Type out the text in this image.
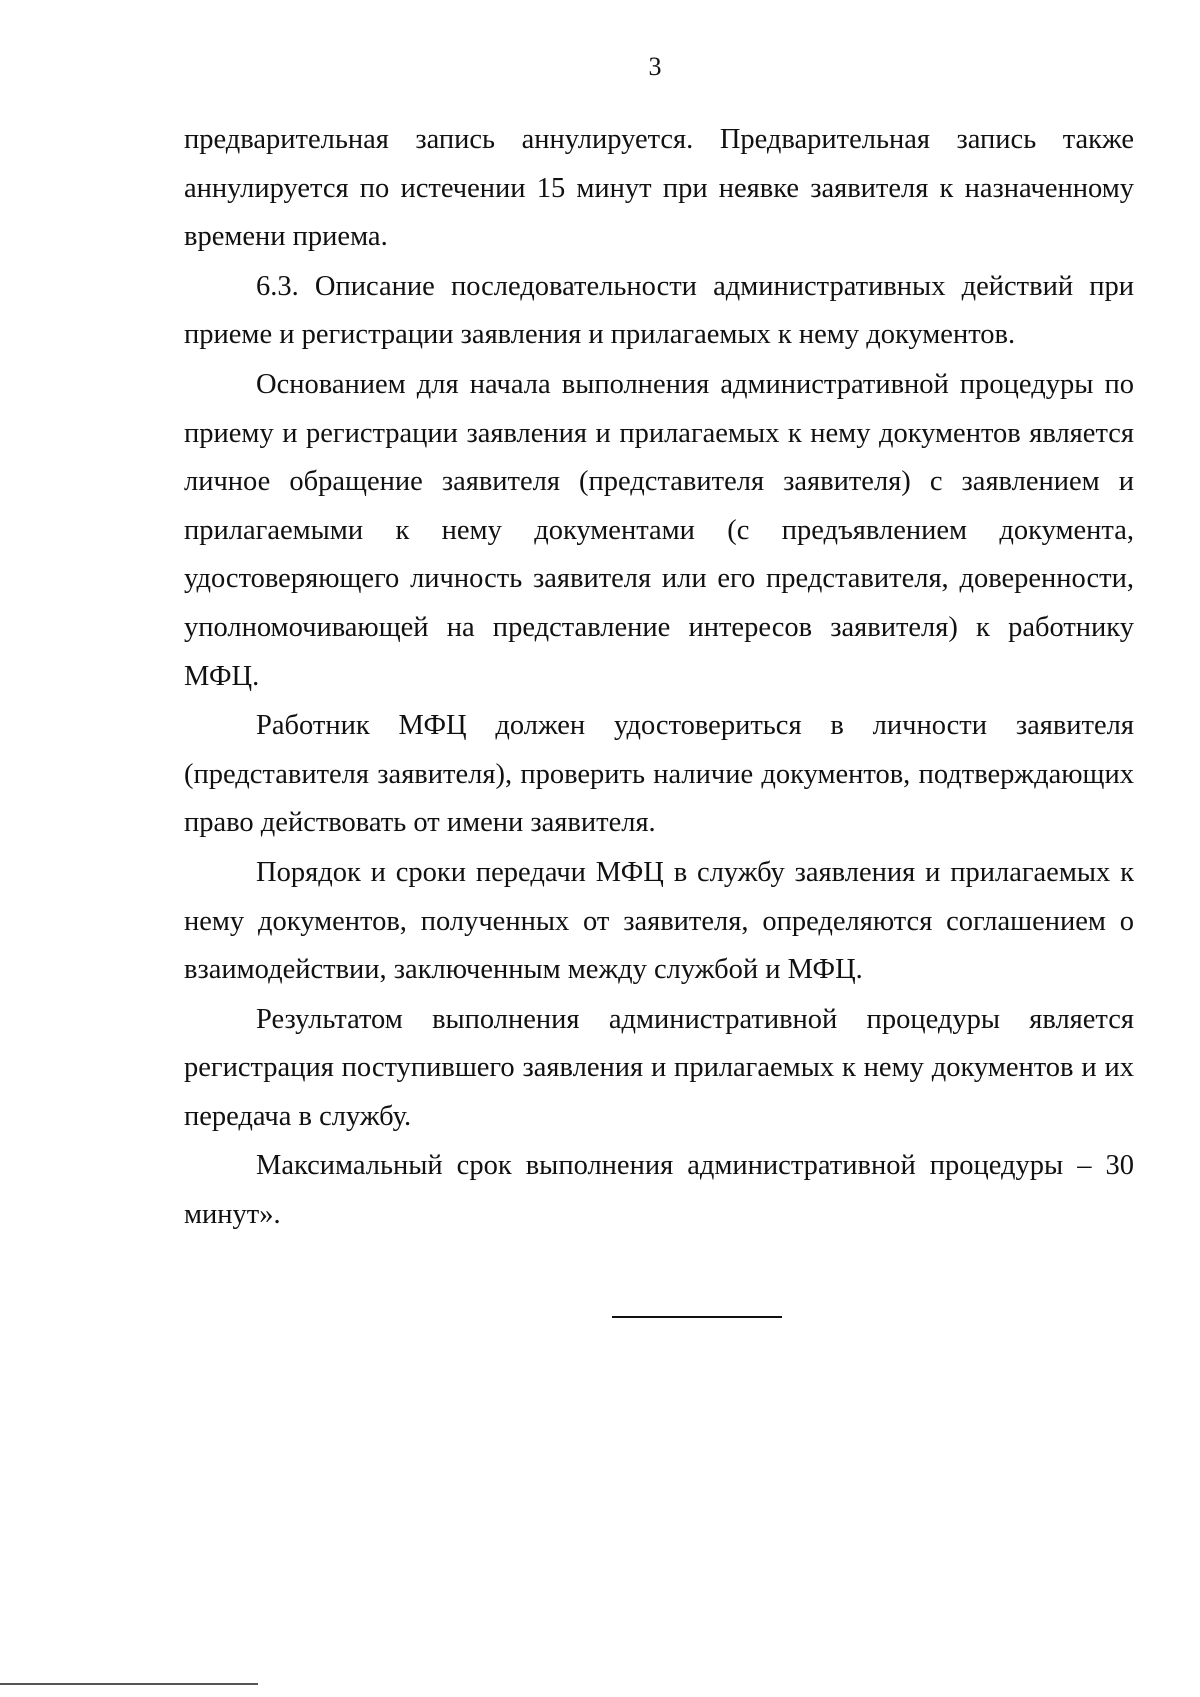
3

предварительная запись аннулируется. Предварительная запись также аннулируется по истечении 15 минут при неявке заявителя к назначенному времени приема.

6.3. Описание последовательности административных действий при приеме и регистрации заявления и прилагаемых к нему документов.

Основанием для начала выполнения административной процедуры по приему и регистрации заявления и прилагаемых к нему документов является личное обращение заявителя (представителя заявителя) с заявлением и прилагаемыми к нему документами (с предъявлением документа, удостоверяющего личность заявителя или его представителя, доверенности, уполномочивающей на представление интересов заявителя) к работнику МФЦ.

Работник МФЦ должен удостовериться в личности заявителя (представителя заявителя), проверить наличие документов, подтверждающих право действовать от имени заявителя.

Порядок и сроки передачи МФЦ в службу заявления и прилагаемых к нему документов, полученных от заявителя, определяются соглашением о взаимодействии, заключенным между службой и МФЦ.

Результатом выполнения административной процедуры является регистрация поступившего заявления и прилагаемых к нему документов и их передача в службу.

Максимальный срок выполнения административной процедуры – 30 минут».
